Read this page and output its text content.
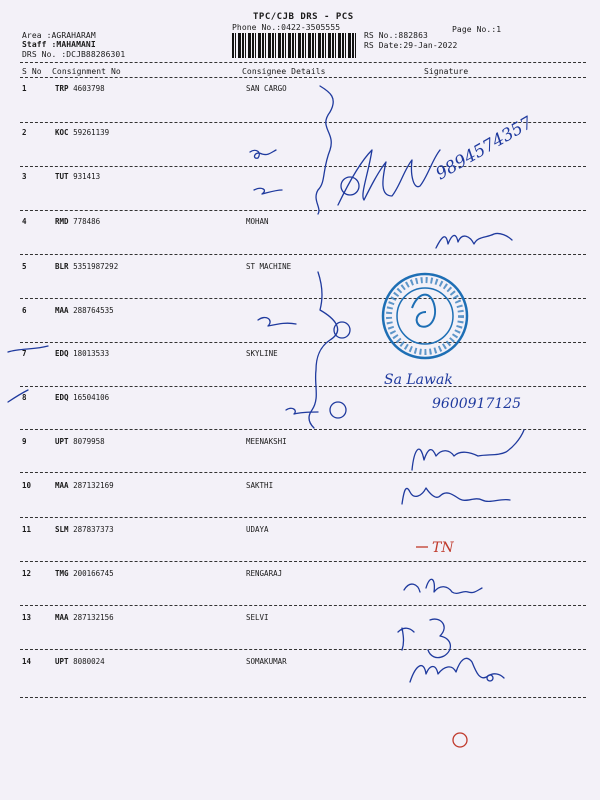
TPC/CJB DRS - PCS
Phone No.:0422-3505555
Area :AGRAHARAM
Staff :MAHAMANI
DRS No. :DCJB88286301
RS No.:882863
RS Date:29-Jan-2022
Page No.:1
S No Consignment No	Consignee Details	Signature
1	TRP 4603798	SAN CARGO
2	KOC 59261139
3	TUT 931413
4	RMD 778486	MOHAN
5	BLR 5351987292	ST MACHINE
6	MAA 288764535
7	EDQ 18013533	SKYLINE
8	EDQ 16504106
9	UPT 8079958	MEENAKSHI
10	MAA 287132169	SAKTHI
11	SLM 287837373	UDAYA
12	TMG 200166745	RENGARAJ
13	MAA 287132156	SELVI
14	UPT 8080024	SOMAKUMAR
9894574357
Sa Lawak
9600917125
TN
